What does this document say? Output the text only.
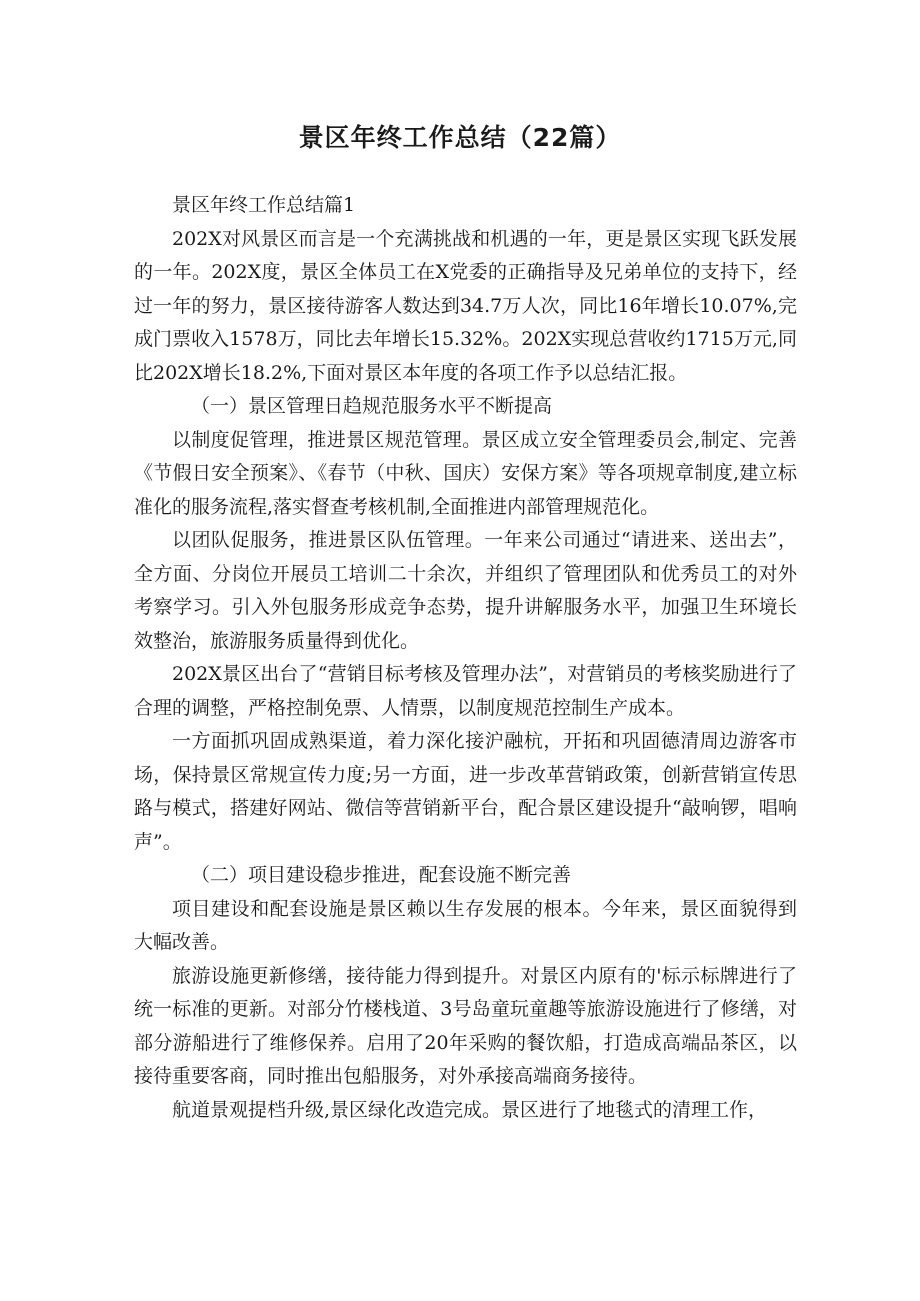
景区年终工作总结（22篇）

景区年终工作总结篇1

202X对风景区而言是一个充满挑战和机遇的一年，更是景区实现飞跃发展的一年。202X度，景区全体员工在X党委的正确指导及兄弟单位的支持下，经过一年的努力，景区接待游客人数达到34.7万人次，同比16年增长10.07%,完成门票收入1578万，同比去年增长15.32%。202X实现总营收约1715万元,同比202X增长18.2%,下面对景区本年度的各项工作予以总结汇报。

（一）景区管理日趋规范服务水平不断提高

以制度促管理，推进景区规范管理。景区成立安全管理委员会,制定、完善《节假日安全预案》、《春节（中秋、国庆）安保方案》等各项规章制度,建立标准化的服务流程,落实督查考核机制,全面推进内部管理规范化。

以团队促服务，推进景区队伍管理。一年来公司通过“请进来、送出去”，全方面、分岗位开展员工培训二十余次，并组织了管理团队和优秀员工的对外考察学习。引入外包服务形成竞争态势，提升讲解服务水平，加强卫生环境长效整治，旅游服务质量得到优化。

202X景区出台了“营销目标考核及管理办法”，对营销员的考核奖励进行了合理的调整，严格控制免票、人情票，以制度规范控制生产成本。

一方面抓巩固成熟渠道，着力深化接沪融杭，开拓和巩固德清周边游客市场，保持景区常规宣传力度;另一方面，进一步改革营销政策，创新营销宣传思路与模式，搭建好网站、微信等营销新平台，配合景区建设提升“敲响锣，唱响声”。

（二）项目建设稳步推进，配套设施不断完善

项目建设和配套设施是景区赖以生存发展的根本。今年来，景区面貌得到大幅改善。

旅游设施更新修缮，接待能力得到提升。对景区内原有的'标示标牌进行了统一标准的更新。对部分竹楼栈道、3号岛童玩童趣等旅游设施进行了修缮，对部分游船进行了维修保养。启用了20年采购的餐饮船，打造成高端品茶区，以接待重要客商，同时推出包船服务，对外承接高端商务接待。

航道景观提档升级,景区绿化改造完成。景区进行了地毯式的清理工作，
